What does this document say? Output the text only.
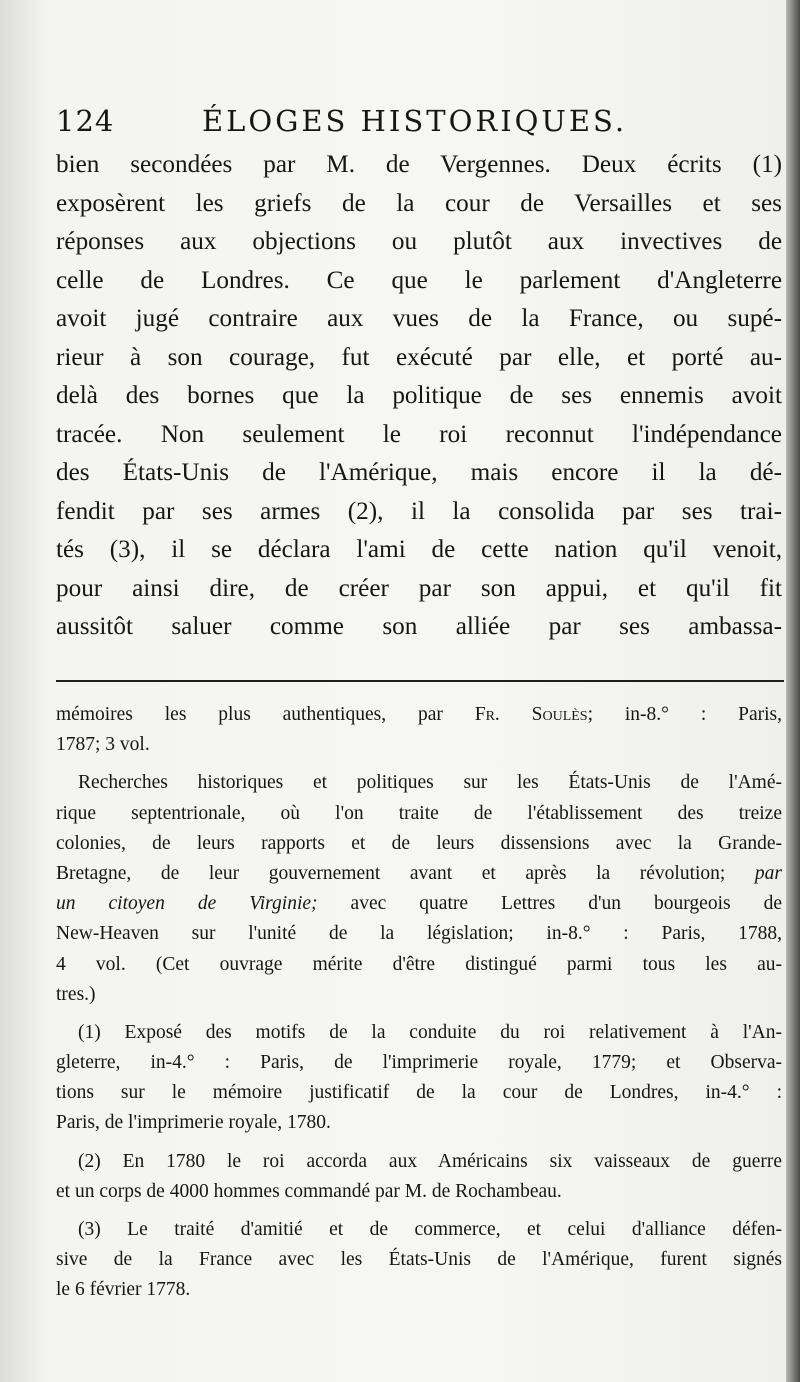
124	ÉLOGES HISTORIQUES.
bien secondées par M. de Vergennes. Deux écrits (1)
exposèrent les griefs de la cour de Versailles et ses
réponses aux objections ou plutôt aux invectives de
celle de Londres. Ce que le parlement d'Angleterre
avoit jugé contraire aux vues de la France, ou supé-
rieur à son courage, fut exécuté par elle, et porté au-
delà des bornes que la politique de ses ennemis avoit
tracée. Non seulement le roi reconnut l'indépendance
des États-Unis de l'Amérique, mais encore il la dé-
fendit par ses armes (2), il la consolida par ses trai-
tés (3), il se déclara l'ami de cette nation qu'il venoit,
pour ainsi dire, de créer par son appui, et qu'il fit
aussitôt saluer comme son alliée par ses ambassa-
mémoires les plus authentiques, par Fr. Soulès; in-8.° : Paris,
1787; 3 vol.
Recherches historiques et politiques sur les États-Unis de l'Amé-
rique septentrionale, où l'on traite de l'établissement des treize
colonies, de leurs rapports et de leurs dissensions avec la Grande-
Bretagne, de leur gouvernement avant et après la révolution; par
un citoyen de Virginie; avec quatre Lettres d'un bourgeois de
New-Heaven sur l'unité de la législation; in-8.° : Paris, 1788,
4 vol. (Cet ouvrage mérite d'être distingué parmi tous les au-
tres.)
(1) Exposé des motifs de la conduite du roi relativement à l'An-
gleterre, in-4.° : Paris, de l'imprimerie royale, 1779; et Observa-
tions sur le mémoire justificatif de la cour de Londres, in-4.° :
Paris, de l'imprimerie royale, 1780.
(2) En 1780 le roi accorda aux Américains six vaisseaux de guerre
et un corps de 4000 hommes commandé par M. de Rochambeau.
(3) Le traité d'amitié et de commerce, et celui d'alliance défen-
sive de la France avec les États-Unis de l'Amérique, furent signés
le 6 février 1778.
